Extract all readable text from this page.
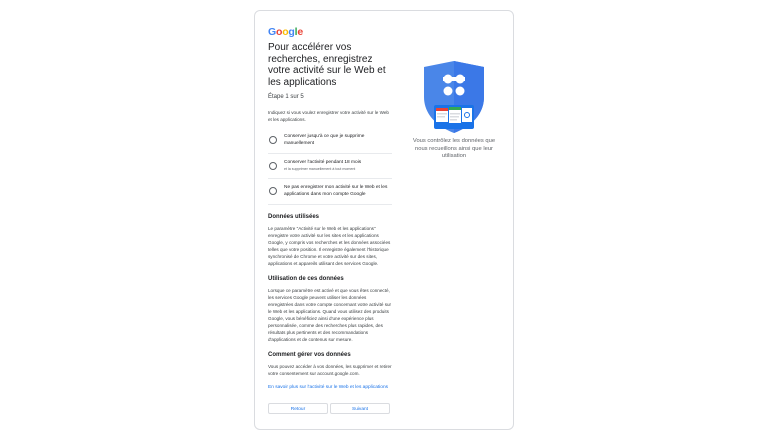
Google
Pour accélérer vos recherches, enregistrez votre activité sur le Web et les applications
Étape 1 sur 5
Indiquez si vous voulez enregistrer votre activité sur le Web et les applications.
Conserver jusqu'à ce que je supprime manuellement
Conserver l'activité pendant 18 mois
et la supprimer manuellement à tout moment
Ne pas enregistrer mon activité sur le Web et les applications dans mon compte Google
Données utilisées
Le paramètre "Activité sur le Web et les applications" enregistre votre activité sur les sites et les applications Google, y compris vos recherches et les données associées telles que votre position. Il enregistre également l'historique synchronisé de Chrome et votre activité sur des sites, applications et appareils utilisant des services Google.
Utilisation de ces données
Lorsque ce paramètre est activé et que vous êtes connecté, les services Google peuvent utiliser les données enregistrées dans votre compte concernant votre activité sur le Web et les applications. Quand vous utilisez des produits Google, vous bénéficiez ainsi d'une expérience plus personnalisée, comme des recherches plus rapides, des résultats plus pertinents et des recommandations d'applications et de contenus sur mesure.
Comment gérer vos données
Vous pouvez accéder à vos données, les supprimer et retirer votre consentement sur account.google.com.
En savoir plus sur l'activité sur le Web et les applications
Retour	Suivant
Vous contrôlez les données que nous recueillons ainsi que leur utilisation
